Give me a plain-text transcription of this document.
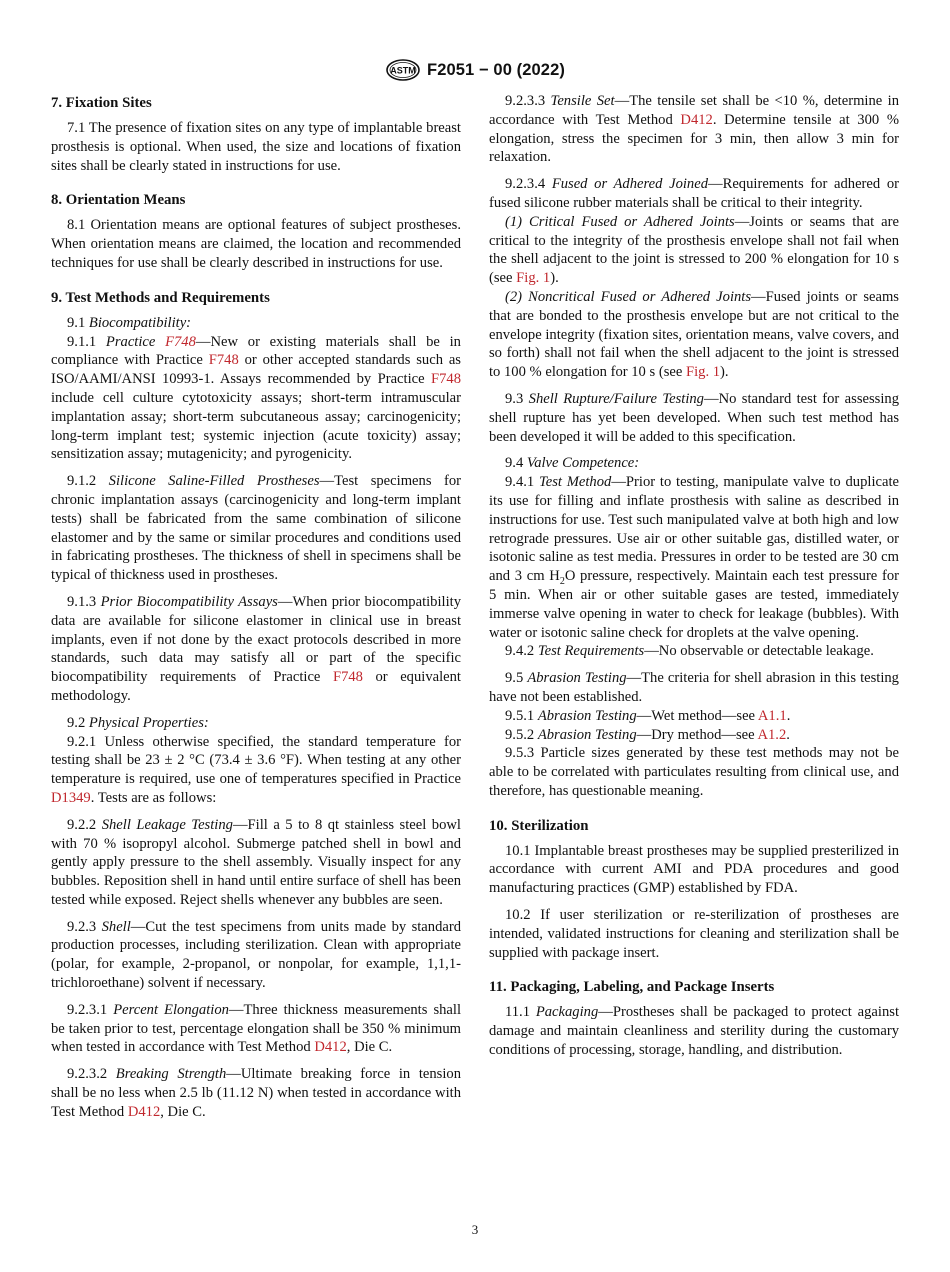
ASTM F2051 − 00 (2022)
7. Fixation Sites

7.1 The presence of fixation sites on any type of implantable breast prosthesis is optional. When used, the size and locations of fixation sites shall be clearly stated in instructions for use.

8. Orientation Means

8.1 Orientation means are optional features of subject prostheses. When orientation means are claimed, the location and recommended techniques for use shall be clearly described in instructions for use.

9. Test Methods and Requirements

9.1 Biocompatibility:

9.1.1 Practice F748—New or existing materials shall be in compliance with Practice F748 or other accepted standards such as ISO/AAMI/ANSI 10993-1. Assays recommended by Practice F748 include cell culture cytotoxicity assays; short-term intramuscular implantation assay; short-term subcutaneous assay; carcinogenicity; long-term implant test; systemic injection (acute toxicity) assay; sensitization assay; mutagenicity; and pyrogenicity.

9.1.2 Silicone Saline-Filled Prostheses—Test specimens for chronic implantation assays (carcinogenicity and long-term implant tests) shall be fabricated from the same combination of silicone elastomer and by the same or similar procedures and conditions used in fabricating prostheses. The thickness of shell in specimens shall be typical of thickness used in prostheses.

9.1.3 Prior Biocompatibility Assays—When prior biocompatibility data are available for silicone elastomer in clinical use in breast implants, even if not done by the exact protocols described in more standards, such data may satisfy all or part of the specific biocompatibility requirements of Practice F748 or equivalent methodology.

9.2 Physical Properties:

9.2.1 Unless otherwise specified, the standard temperature for testing shall be 23 ± 2 °C (73.4 ± 3.6 °F). When testing at any other temperature is required, use one of temperatures specified in Practice D1349. Tests are as follows:

9.2.2 Shell Leakage Testing—Fill a 5 to 8 qt stainless steel bowl with 70 % isopropyl alcohol. Submerge patched shell in bowl and gently apply pressure to the shell assembly. Visually inspect for any bubbles. Reposition shell in hand until entire surface of shell has been tested while exposed. Reject shells whenever any bubbles are seen.

9.2.3 Shell—Cut the test specimens from units made by standard production processes, including sterilization. Clean with appropriate (polar, for example, 2-propanol, or nonpolar, for example, 1,1,1-trichloroethane) solvent if necessary.

9.2.3.1 Percent Elongation—Three thickness measurements shall be taken prior to test, percentage elongation shall be 350 % minimum when tested in accordance with Test Method D412, Die C.

9.2.3.2 Breaking Strength—Ultimate breaking force in tension shall be no less when 2.5 lb (11.12 N) when tested in accordance with Test Method D412, Die C.

9.2.3.3 Tensile Set—The tensile set shall be <10 %, determine in accordance with Test Method D412. Determine tensile at 300 % elongation, stress the specimen for 3 min, then allow 3 min for relaxation.

9.2.3.4 Fused or Adhered Joined—Requirements for adhered or fused silicone rubber materials shall be critical to their integrity.

(1) Critical Fused or Adhered Joints—Joints or seams that are critical to the integrity of the prosthesis envelope shall not fail when the shell adjacent to the joint is stressed to 200 % elongation for 10 s (see Fig. 1).

(2) Noncritical Fused or Adhered Joints—Fused joints or seams that are bonded to the prosthesis envelope but are not critical to the envelope integrity (fixation sites, orientation means, valve covers, and so forth) shall not fail when the shell adjacent to the joint is stressed to 100 % elongation for 10 s (see Fig. 1).

9.3 Shell Rupture/Failure Testing—No standard test for assessing shell rupture has yet been developed. When such test method has been developed it will be added to this specification.

9.4 Valve Competence:

9.4.1 Test Method—Prior to testing, manipulate valve to duplicate its use for filling and inflate prosthesis with saline as described in instructions for use. Test such manipulated valve at both high and low retrograde pressures. Use air or other suitable gas, distilled water, or isotonic saline as test media. Pressures in order to be tested are 30 cm and 3 cm $H_2O$ pressure, respectively. Maintain each test pressure for 5 min. When air or other suitable gases are tested, immediately immerse valve opening in water to check for leakage (bubbles). With water or isotonic saline check for droplets at the valve opening.

9.4.2 Test Requirements—No observable or detectable leakage.

9.5 Abrasion Testing—The criteria for shell abrasion in this testing have not been established.

9.5.1 Abrasion Testing—Wet method—see A1.1.

9.5.2 Abrasion Testing—Dry method—see A1.2.

9.5.3 Particle sizes generated by these test methods may not be able to be correlated with particulates resulting from clinical use, and therefore, has questionable meaning.

10. Sterilization

10.1 Implantable breast prostheses may be supplied presterilized in accordance with current AMI and PDA procedures and good manufacturing practices (GMP) established by FDA.

10.2 If user sterilization or re-sterilization of prostheses are intended, validated instructions for cleaning and sterilization shall be supplied with package insert.

11. Packaging, Labeling, and Package Inserts

11.1 Packaging—Prostheses shall be packaged to protect against damage and maintain cleanliness and sterility during the customary conditions of processing, storage, handling, and distribution.

3
